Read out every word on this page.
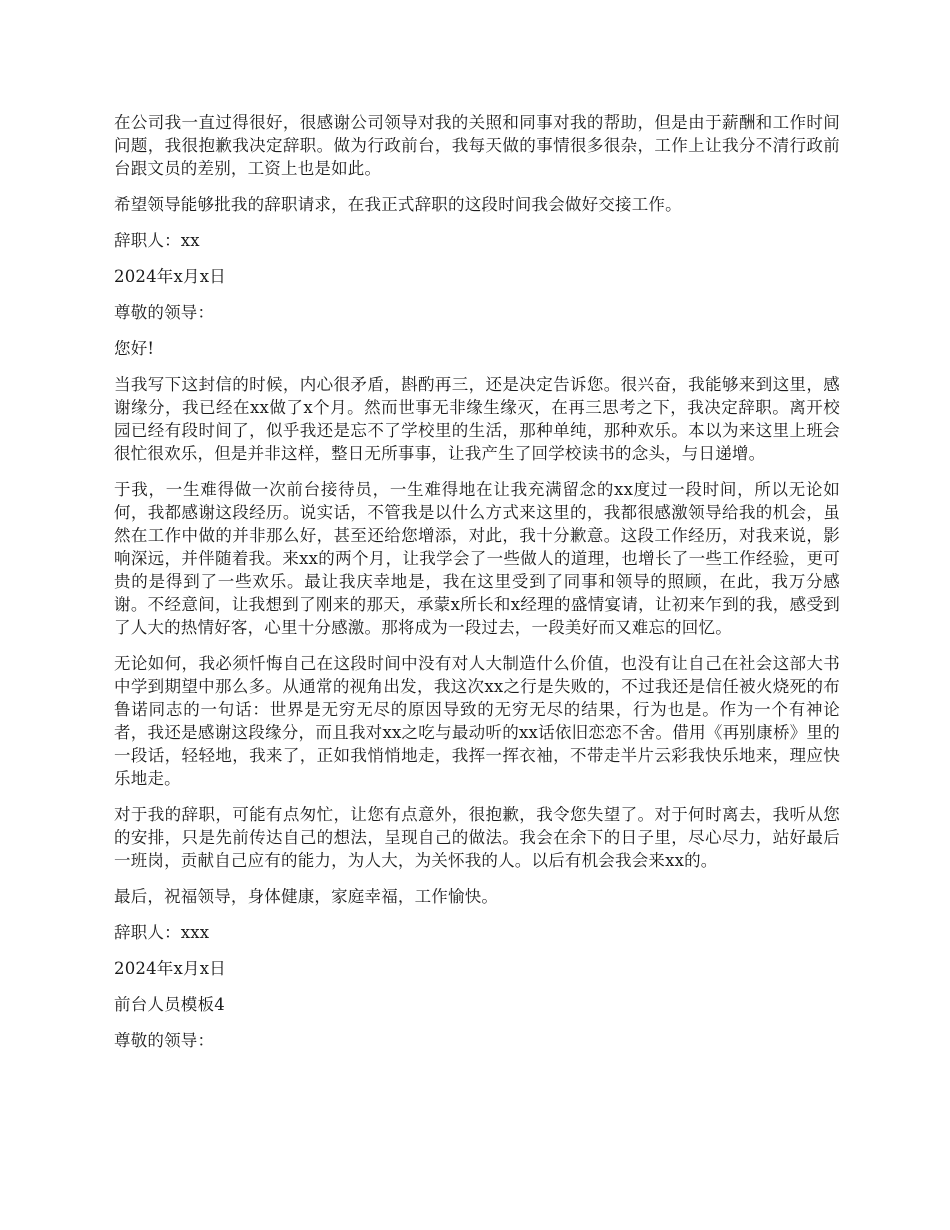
在公司我一直过得很好，很感谢公司领导对我的关照和同事对我的帮助，但是由于薪酬和工作时间问题，我很抱歉我决定辞职。做为行政前台，我每天做的事情很多很杂，工作上让我分不清行政前台跟文员的差别，工资上也是如此。

希望领导能够批我的辞职请求，在我正式辞职的这段时间我会做好交接工作。

辞职人：xx

2024年x月x日

尊敬的领导：

您好!

当我写下这封信的时候，内心很矛盾，斟酌再三，还是决定告诉您。很兴奋，我能够来到这里，感谢缘分，我已经在xx做了x个月。然而世事无非缘生缘灭，在再三思考之下，我决定辞职。离开校园已经有段时间了，似乎我还是忘不了学校里的生活，那种单纯，那种欢乐。本以为来这里上班会很忙很欢乐，但是并非这样，整日无所事事，让我产生了回学校读书的念头，与日递增。

于我，一生难得做一次前台接待员，一生难得地在让我充满留念的xx度过一段时间，所以无论如何，我都感谢这段经历。说实话，不管我是以什么方式来这里的，我都很感激领导给我的机会，虽然在工作中做的并非那么好，甚至还给您增添，对此，我十分歉意。这段工作经历，对我来说，影响深远，并伴随着我。来xx的两个月，让我学会了一些做人的道理，也增长了一些工作经验，更可贵的是得到了一些欢乐。最让我庆幸地是，我在这里受到了同事和领导的照顾，在此，我万分感谢。不经意间，让我想到了刚来的那天，承蒙x所长和x经理的盛情宴请，让初来乍到的我，感受到了人大的热情好客，心里十分感激。那将成为一段过去，一段美好而又难忘的回忆。

无论如何，我必须忏悔自己在这段时间中没有对人大制造什么价值，也没有让自己在社会这部大书中学到期望中那么多。从通常的视角出发，我这次xx之行是失败的，不过我还是信任被火烧死的布鲁诺同志的一句话：世界是无穷无尽的原因导致的无穷无尽的结果，行为也是。作为一个有神论者，我还是感谢这段缘分，而且我对xx之吃与最动听的xx话依旧恋恋不舍。借用《再别康桥》里的一段话，轻轻地，我来了，正如我悄悄地走，我挥一挥衣袖，不带走半片云彩我快乐地来，理应快乐地走。

对于我的辞职，可能有点匆忙，让您有点意外，很抱歉，我令您失望了。对于何时离去，我听从您的安排，只是先前传达自己的想法，呈现自己的做法。我会在余下的日子里，尽心尽力，站好最后一班岗，贡献自己应有的能力，为人大，为关怀我的人。以后有机会我会来xx的。

最后，祝福领导，身体健康，家庭幸福，工作愉快。

辞职人：xxx

2024年x月x日

前台人员模板4

尊敬的领导：
